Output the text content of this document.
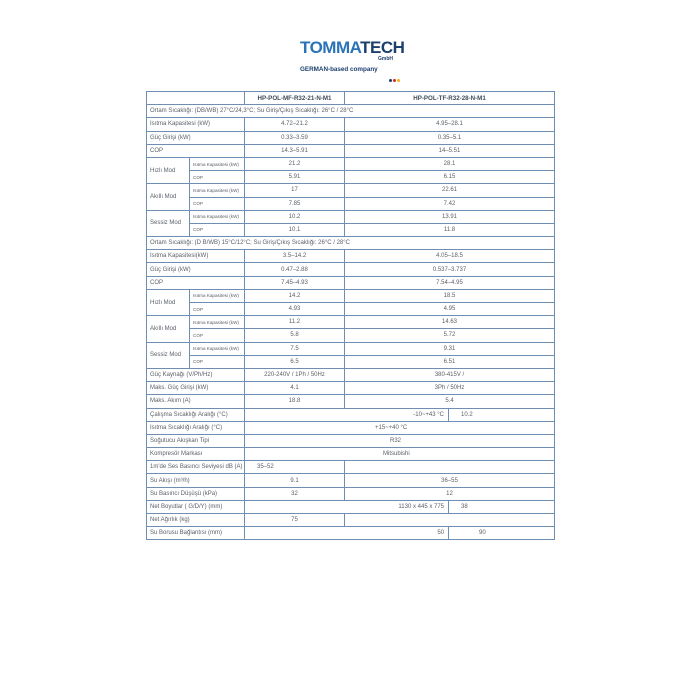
TOMMATECH
GmbH
GERMAN-based company
		HP-POL-MF-R32-21-N-M1	HP-POL-TF-R32-28-N-M1	
Ortam Sıcaklığı: (DB/WB) 27°C/24,3°C; Su Giriş/Çıkış Sıcaklığı: 26°C / 28°C				
Isıtma Kapasitesi (kW)		4.72–21.2	4.95–28.1	
Güç Girişi (kW)		0.33–3.59	0.35–5.1	
COP		14.3–5.91	14–5.51	
Hızlı Mod	Isıtma Kapasitesi (kW)	21.2	28.1	
	COP	5.91	6.15	
Akıllı Mod	Isıtma Kapasitesi (kW)	17	22.61	
	COP	7.85	7.42	
Sessiz Mod	Isıtma Kapasitesi (kW)	10.2	13.91	
	COP	10.1	11.8	
Ortam Sıcaklığı: (D B/WB) 15°C/12°C; Su Giriş/Çıkış Sıcaklığı: 26°C / 28°C				
Isıtma Kapasitesi(kW)		3.5–14.2	4.05–18.5	
Güç Girişi (kW)		0.47–2.88	0.537–3.737	
COP		7.45–4.93	7.54–4.95	
Hızlı Mod	Isıtma Kapasitesi (kW)	14.2	18.5	
	COP	4.93	4.95	
Akıllı Mod	Isıtma Kapasitesi (kW)	11.2	14.63	
	COP	5.8	5.72	
Sessiz Mod	Isıtma Kapasitesi (kW)	7.5	9.31	
	COP	6.5	6.51	
Güç Kaynağı (V/Ph/Hz)		220-240V / 1Ph / 50Hz	380-415V /	
Maks. Güç Girişi (kW)		4.1	3Ph / 50Hz	
Maks. Akım (A)		18.8	5.4	
Çalışma Sıcaklığı Aralığı (°C)		-10~+43 °C		10.2
Isıtma Sıcaklığı Aralığı (°C)		+15~+40 °C		
Soğutucu Akışkan Tipi		R32		
Kompresör Markası		Mitsubishi		
1m'de Ses Basıncı Seviyesi dB (A)		35–52		
Su Akışı (m³/h)		9.1	36–55	
Su Basıncı Düşüşü (kPa)		32	12	
Net Boyutlar ( G/D/Y) (mm)		1130 x 445 x 775		38
Net Ağırlık (kg)		75		
Su Borusu Bağlantısı (mm)		50		90
